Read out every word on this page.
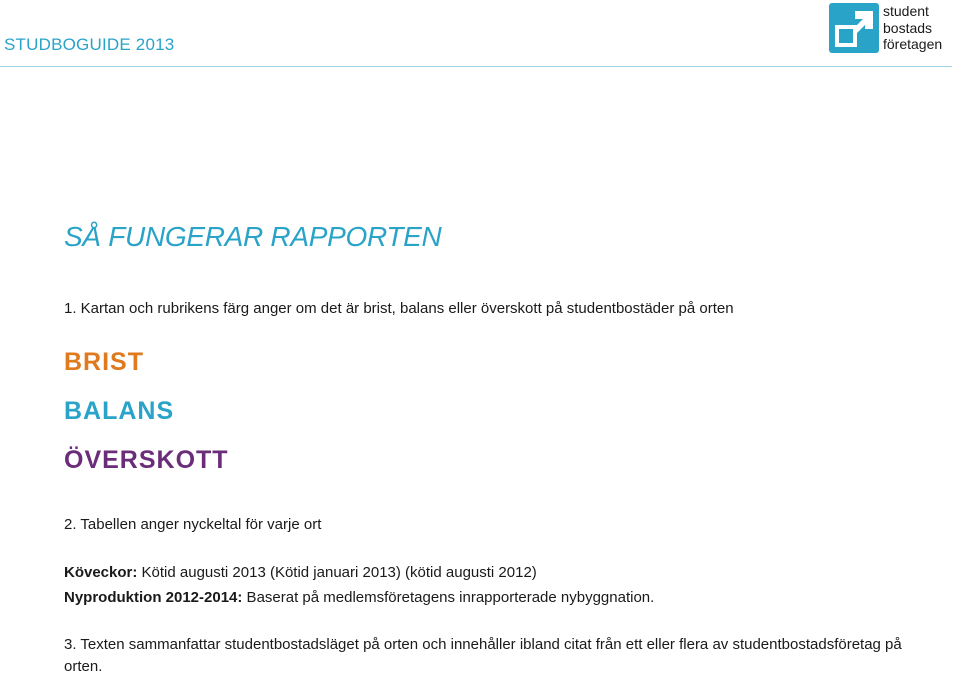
STUDBOGUIDE 2013
student
bostads
företagen
SÅ FUNGERAR RAPPORTEN
1. Kartan och rubrikens färg anger om det är brist, balans eller överskott på studentbostäder på orten
BRIST
BALANS
ÖVERSKOTT
2. Tabellen anger nyckeltal för varje ort
Köveckor: Kötid augusti 2013 (Kötid januari 2013) (kötid augusti 2012)
Nyproduktion 2012-2014: Baserat på medlemsföretagens inrapporterade nybyggnation.
3. Texten sammanfattar studentbostadsläget på orten och innehåller ibland citat från ett eller flera av studentbostadsföretag på orten.
